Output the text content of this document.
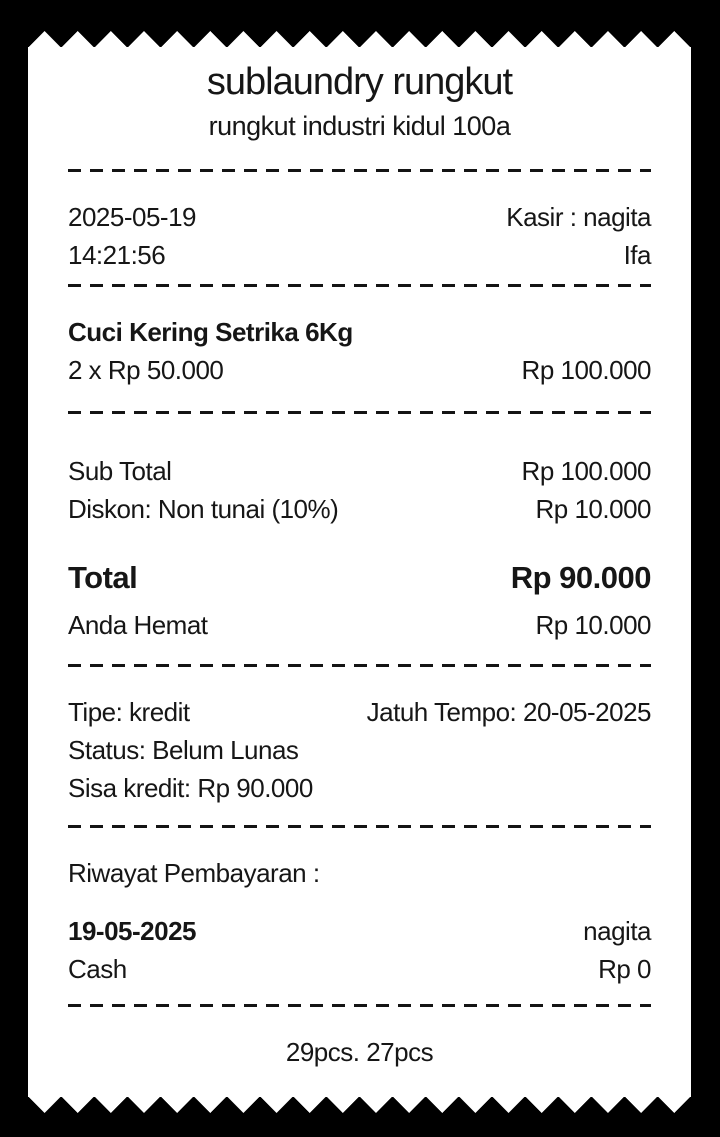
sublaundry rungkut
rungkut industri kidul 100a
2025-05-19	Kasir : nagita
14:21:56	Ifa
Cuci Kering Setrika 6Kg
2 x Rp 50.000	Rp 100.000
Sub Total	Rp 100.000
Diskon: Non tunai (10%)	Rp 10.000
Total	Rp 90.000
Anda Hemat	Rp 10.000
Tipe: kredit	Jatuh Tempo: 20-05-2025
Status: Belum Lunas
Sisa kredit: Rp 90.000
Riwayat Pembayaran :
19-05-2025	nagita
Cash	Rp 0
29pcs. 27pcs
